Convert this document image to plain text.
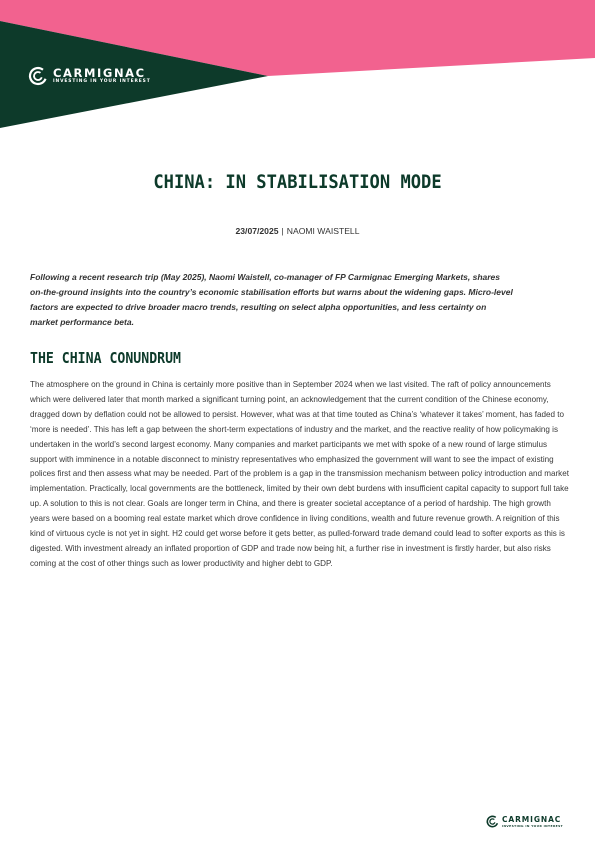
CARMIGNAC
INVESTING IN YOUR INTEREST
CHINA: IN STABILISATION MODE
23/07/2025 | NAOMI WAISTELL

Following a recent research trip (May 2025), Naomi Waistell, co-manager of FP Carmignac Emerging Markets, shares on-the-ground insights into the country’s economic stabilisation efforts but warns about the widening gaps. Micro-level factors are expected to drive broader macro trends, resulting on select alpha opportunities, and less certainty on market performance beta.

THE CHINA CONUNDRUM

The atmosphere on the ground in China is certainly more positive than in September 2024 when we last visited. The raft of policy announcements which were delivered later that month marked a significant turning point, an acknowledgement that the current condition of the Chinese economy, dragged down by deflation could not be allowed to persist. However, what was at that time touted as China’s ‘whatever it takes’ moment, has faded to ‘more is needed’. This has left a gap between the short-term expectations of industry and the market, and the reactive reality of how policymaking is undertaken in the world’s second largest economy. Many companies and market participants we met with spoke of a new round of large stimulus support with imminence in a notable disconnect to ministry representatives who emphasized the government will want to see the impact of existing polices first and then assess what may be needed. Part of the problem is a gap in the transmission mechanism between policy introduction and market implementation. Practically, local governments are the bottleneck, limited by their own debt burdens with insufficient capital capacity to support full take up. A solution to this is not clear. Goals are longer term in China, and there is greater societal acceptance of a period of hardship. The high growth years were based on a booming real estate market which drove confidence in living conditions, wealth and future revenue growth. A reignition of this kind of virtuous cycle is not yet in sight. H2 could get worse before it gets better, as pulled-forward trade demand could lead to softer exports as this is digested. With investment already an inflated proportion of GDP and trade now being hit, a further rise in investment is firstly harder, but also risks coming at the cost of other things such as lower productivity and higher debt to GDP.

CARMIGNAC
INVESTING IN YOUR INTEREST
